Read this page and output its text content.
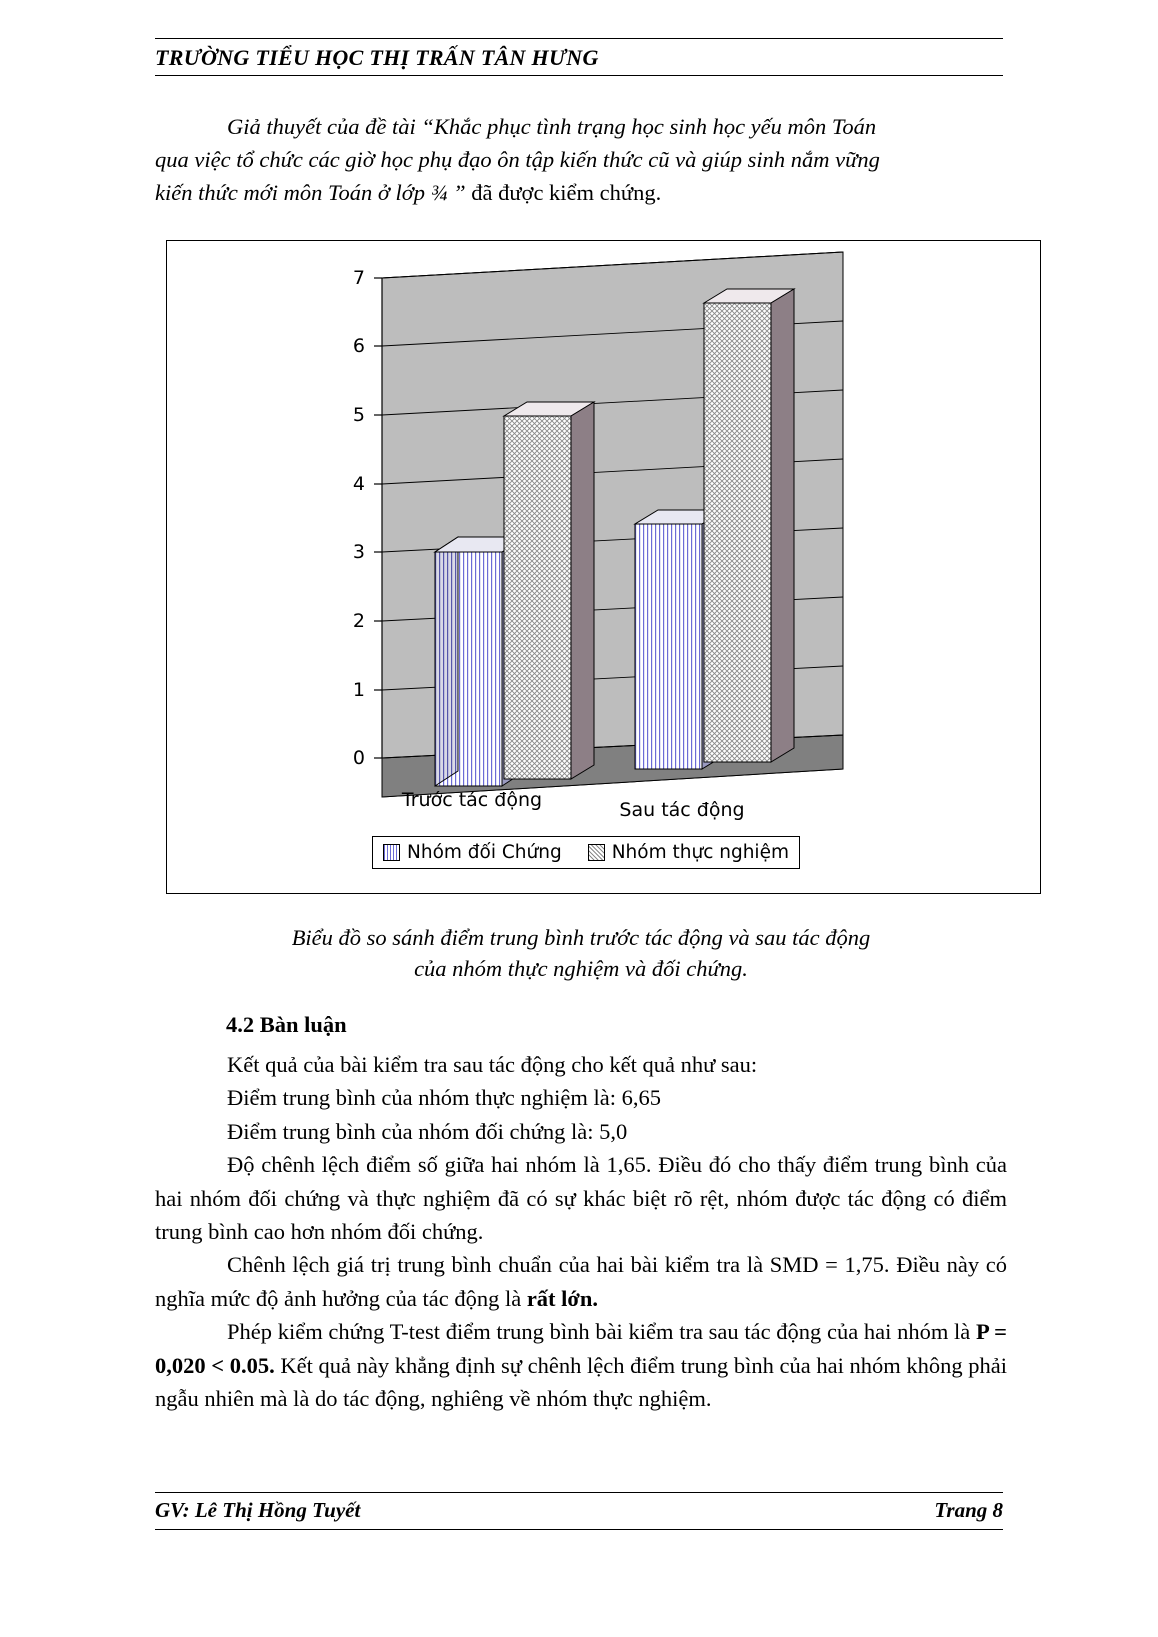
TRƯỜNG TIỂU HỌC THỊ TRẤN TÂN HƯNG
Giả thuyết của đề tài “Khắc phục tình trạng học sinh học yếu môn Toán
qua việc tổ chức các giờ học phụ đạo ôn tập kiến thức cũ và giúp sinh nắm vững
kiến thức mới môn Toán ở lớp ¾ ” đã được kiểm chứng.
7
6
5
4
3
2
1
0
Trước tác động	Sau tác động
Nhóm đối Chứng	Nhóm thực nghiệm
Biểu đồ so sánh điểm trung bình trước tác động và sau tác động
của nhóm thực nghiệm và đối chứng.
4.2 Bàn luận

Kết quả của bài kiểm tra sau tác động cho kết quả như sau:

Điểm trung bình của nhóm thực nghiệm là: 6,65

Điểm trung bình của nhóm đối chứng là: 5,0

Độ chênh lệch điểm số giữa hai nhóm là 1,65. Điều đó cho thấy điểm trung bình của hai nhóm đối chứng và thực nghiệm đã có sự khác biệt rõ rệt, nhóm được tác động có điểm trung bình cao hơn nhóm đối chứng.

Chênh lệch giá trị trung bình chuẩn của hai bài kiểm tra là SMD = 1,75. Điều này có nghĩa mức độ ảnh hưởng của tác động là rất lớn.

Phép kiểm chứng T-test điểm trung bình bài kiểm tra sau tác động của hai nhóm là P = 0,020 < 0.05. Kết quả này khẳng định sự chênh lệch điểm trung bình của hai nhóm không phải ngẫu nhiên mà là do tác động, nghiêng về nhóm thực nghiệm.

GV: Lê Thị Hồng Tuyết	Trang 8
